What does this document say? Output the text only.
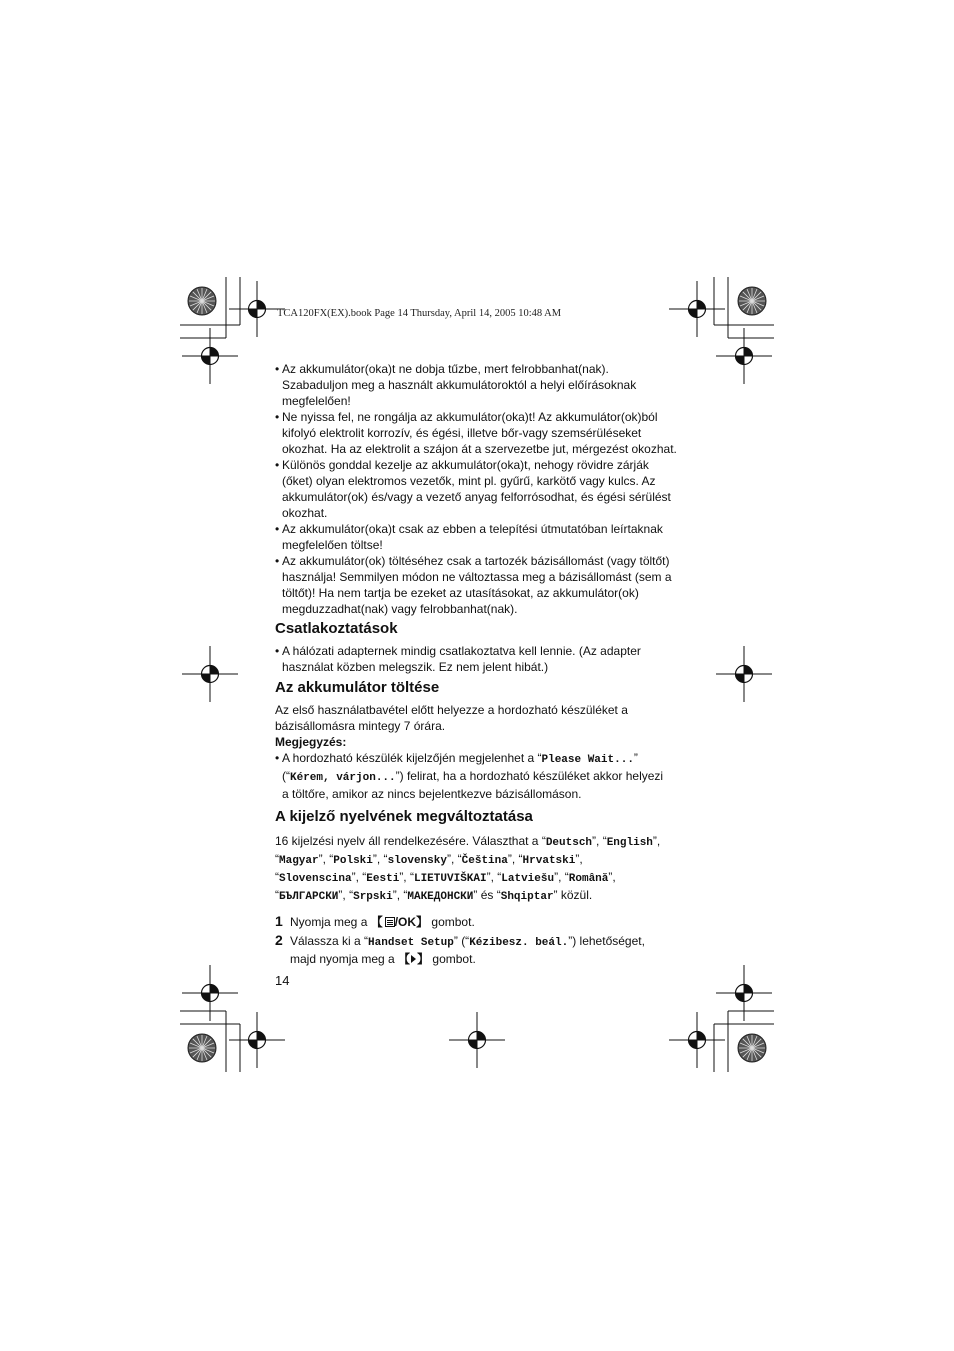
TCA120FX(EX).book Page 14 Thursday, April 14, 2005 10:48 AM
• Az akkumulátor(oka)t ne dobja tűzbe, mert felrobbanhat(nak).
Szabaduljon meg a használt akkumulátoroktól a helyi előírásoknak
megfelelően!
• Ne nyissa fel, ne rongálja az akkumulátor(oka)t! Az akkumulátor(ok)ból
kifolyó elektrolit korrozív, és égési, illetve bőr-vagy szemsérüléseket
okozhat. Ha az elektrolit a szájon át a szervezetbe jut, mérgezést okozhat.
• Különös gonddal kezelje az akkumulátor(oka)t, nehogy rövidre zárják
(őket) olyan elektromos vezetők, mint pl. gyűrű, karkötő vagy kulcs. Az
akkumulátor(ok) és/vagy a vezető anyag felforrósodhat, és égési sérülést
okozhat.
• Az akkumulátor(oka)t csak az ebben a telepítési útmutatóban leírtaknak
megfelelően töltse!
• Az akkumulátor(ok) töltéséhez csak a tartozék bázisállomást (vagy töltőt)
használja! Semmilyen módon ne változtassa meg a bázisállomást (sem a
töltőt)! Ha nem tartja be ezeket az utasításokat, az akkumulátor(ok)
megduzzadhat(nak) vagy felrobbanhat(nak).
Csatlakoztatások
• A hálózati adapternek mindig csatlakoztatva kell lennie. (Az adapter
használat közben melegszik. Ez nem jelent hibát.)
Az akkumulátor töltése

Az első használatbavétel előtt helyezze a hordozható készüléket a
bázisállomásra mintegy 7 órára.

Megjegyzés:
• A hordozható készülék kijelzőjén megjelenhet a “Please Wait...”
(“Kérem, várjon...”) felirat, ha a hordozható készüléket akkor helyezi
a töltőre, amikor az nincs bejelentkezve bázisállomáson.
A kijelző nyelvének megváltoztatása

16 kijelzési nyelv áll rendelkezésére. Választhat a “Deutsch”, “English”,
“Magyar”, “Polski”, “slovensky”, “Čeština”, “Hrvatski”,
“Slovenscina”, “Eesti”, “LIETUVIŠKAI”, “Latviešu”, “Română”,
“БЪЛГАРСКИ”, “Srpski”, “МАКЕДОНСКИ” és “Shqiptar” közül.

1 Nyomja meg a 【 /OK】 gombot.
2 Válassza ki a “Handset Setup” (“Kézibesz. beál.”) lehetőséget,
majd nyomja meg a 【 】 gombot.
14
